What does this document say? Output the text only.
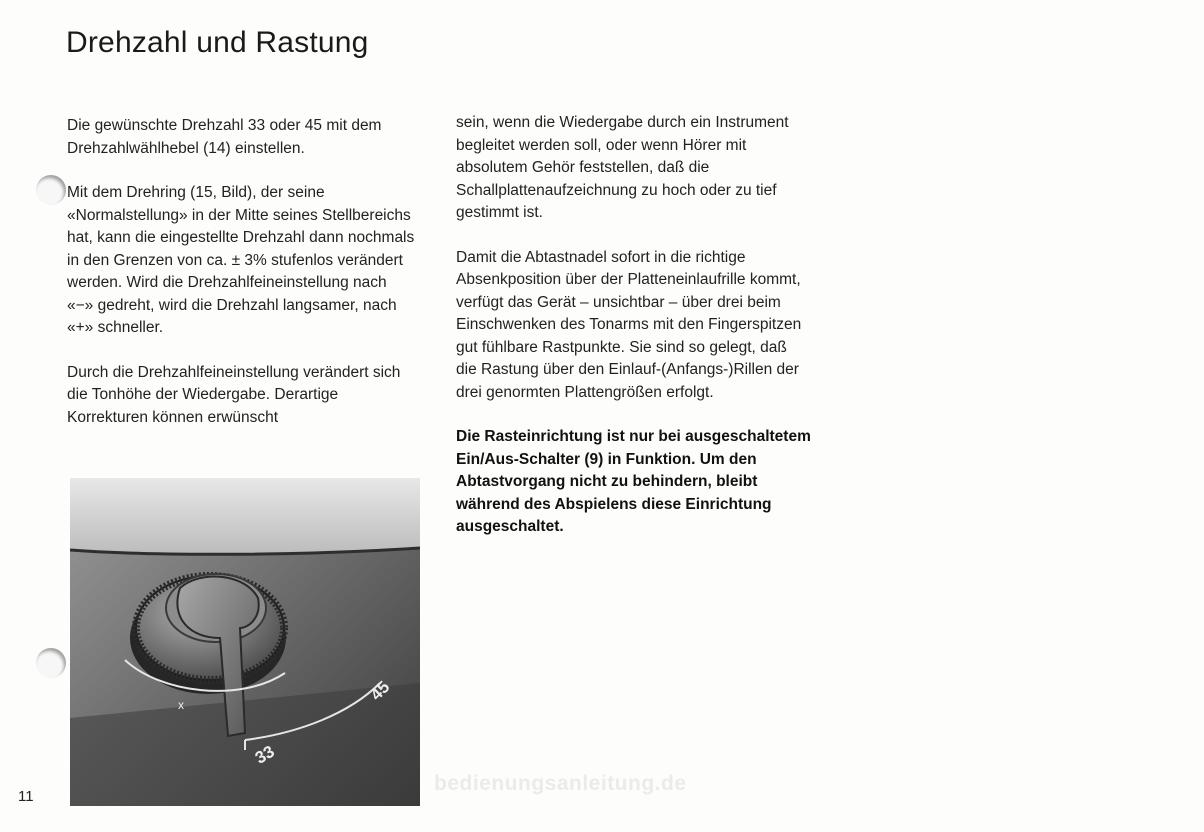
Drehzahl und Rastung

Die gewünschte Drehzahl 33 oder 45 mit dem Drehzahlwählhebel (14) einstellen.

Mit dem Drehring (15, Bild), der seine «Normalstellung» in der Mitte seines Stellbereichs hat, kann die eingestellte Drehzahl dann nochmals in den Grenzen von ca. ± 3% stufenlos verändert werden. Wird die Drehzahlfeineinstellung nach «−» gedreht, wird die Drehzahl langsamer, nach «+» schneller.

Durch die Drehzahlfeineinstellung verändert sich die Tonhöhe der Wiedergabe. Derartige Korrekturen können erwünscht

sein, wenn die Wiedergabe durch ein Instrument begleitet werden soll, oder wenn Hörer mit absolutem Gehör feststellen, daß die Schallplattenaufzeichnung zu hoch oder zu tief gestimmt ist.

Damit die Abtastnadel sofort in die richtige Absenkposition über der Platteneinlaufrille kommt, verfügt das Gerät – unsichtbar – über drei beim Einschwenken des Tonarms mit den Fingerspitzen gut fühlbare Rastpunkte. Sie sind so gelegt, daß die Rastung über den Einlauf-(Anfangs-)Rillen der drei genormten Plattengrößen erfolgt.

Die Rasteinrichtung ist nur bei ausgeschaltetem Ein/Aus-Schalter (9) in Funktion. Um den Abtastvorgang nicht zu behindern, bleibt während des Abspielens diese Einrichtung ausgeschaltet.

33
45
x
11
bedienungsanleitung.de
